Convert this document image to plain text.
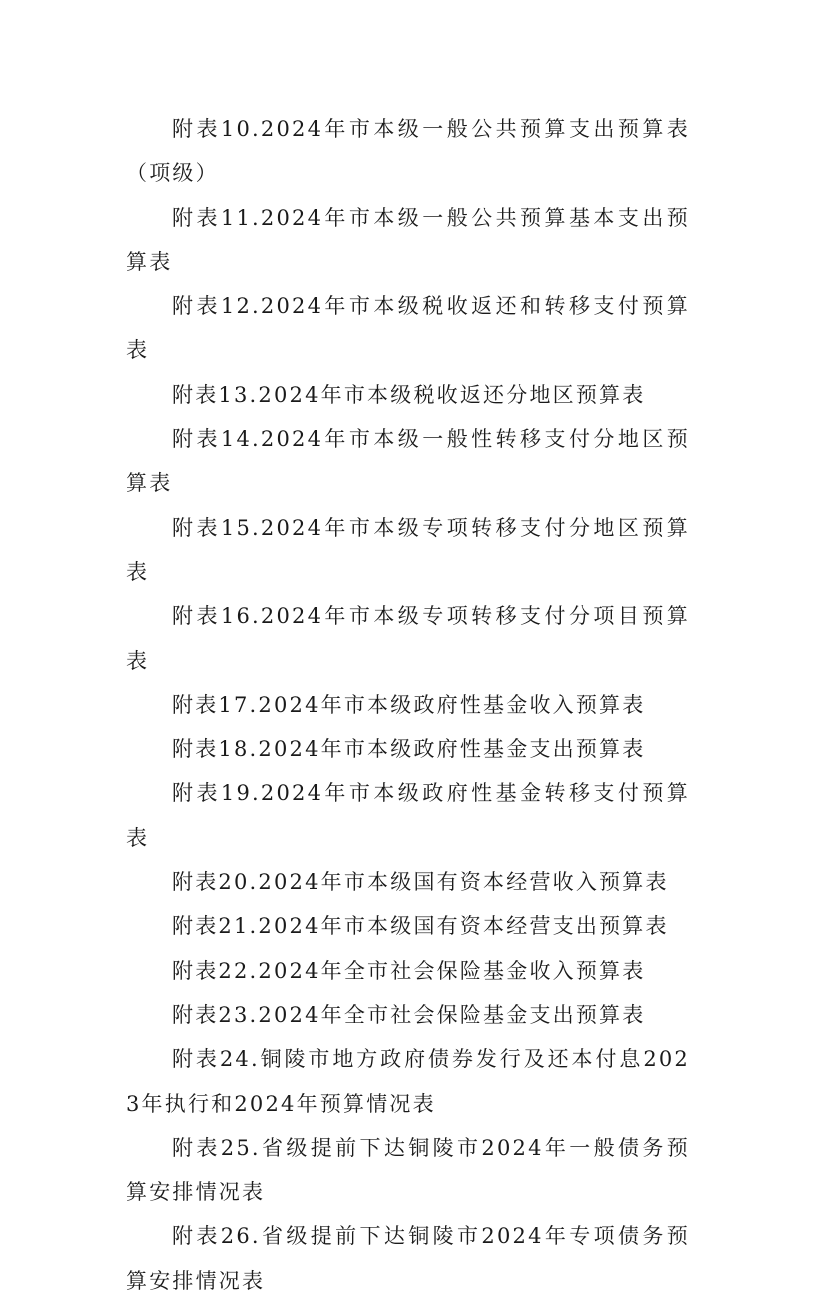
附表10.2024年市本级一般公共预算支出预算表（项级）

附表11.2024年市本级一般公共预算基本支出预算表

附表12.2024年市本级税收返还和转移支付预算表

附表13.2024年市本级税收返还分地区预算表

附表14.2024年市本级一般性转移支付分地区预算表

附表15.2024年市本级专项转移支付分地区预算表

附表16.2024年市本级专项转移支付分项目预算表

附表17.2024年市本级政府性基金收入预算表

附表18.2024年市本级政府性基金支出预算表

附表19.2024年市本级政府性基金转移支付预算表

附表20.2024年市本级国有资本经营收入预算表

附表21.2024年市本级国有资本经营支出预算表

附表22.2024年全市社会保险基金收入预算表

附表23.2024年全市社会保险基金支出预算表

附表24.铜陵市地方政府债券发行及还本付息2023年执行和2024年预算情况表

附表25.省级提前下达铜陵市2024年一般债务预算安排情况表

附表26.省级提前下达铜陵市2024年专项债务预算安排情况表
